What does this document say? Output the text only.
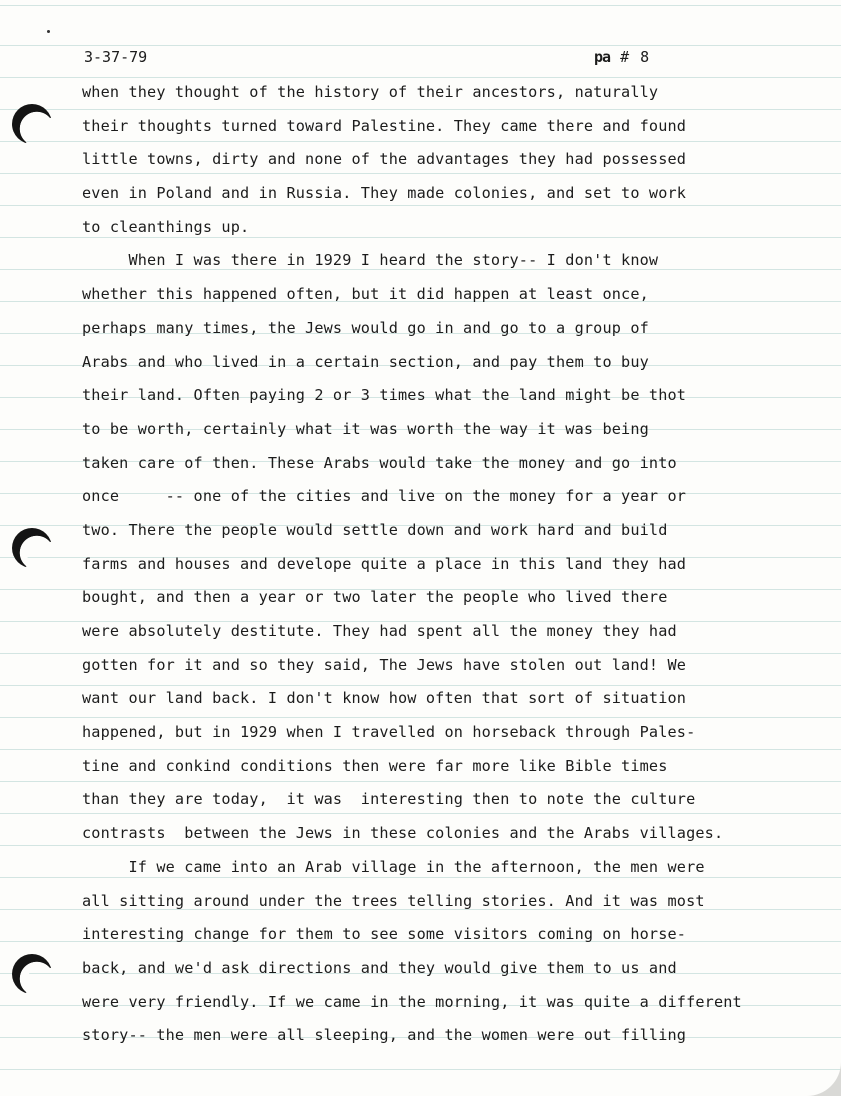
3-37-79	pa # 8
when they thought of the history of their ancestors, naturally
their thoughts turned toward Palestine. They came there and found
little towns, dirty and none of the advantages they had possessed
even in Poland and in Russia. They made colonies, and set to work
to cleanthings up.
When I was there in 1929 I heard the story-- I don't know
whether this happened often, but it did happen at least once,
perhaps many times, the Jews would go in and go to a group of
Arabs and who lived in a certain section, and pay them to buy
their land. Often paying 2 or 3 times what the land might be thot
to be worth, certainly what it was worth the way it was being
taken care of then. These Arabs would take the money and go into
once     -- one of the cities and live on the money for a year or
two. There the people would settle down and work hard and build
farms and houses and develope quite a place in this land they had
bought, and then a year or two later the people who lived there
were absolutely destitute. They had spent all the money they had
gotten for it and so they said, The Jews have stolen out land! We
want our land back. I don't know how often that sort of situation
happened, but in 1929 when I travelled on horseback through Pales-
tine and conkind conditions then were far more like Bible times
than they are today,  it was  interesting then to note the culture
contrasts  between the Jews in these colonies and the Arabs villages.
If we came into an Arab village in the afternoon, the men were
all sitting around under the trees telling stories. And it was most
interesting change for them to see some visitors coming on horse-
back, and we'd ask directions and they would give them to us and
were very friendly. If we came in the morning, it was quite a different
story-- the men were all sleeping, and the women were out filling
